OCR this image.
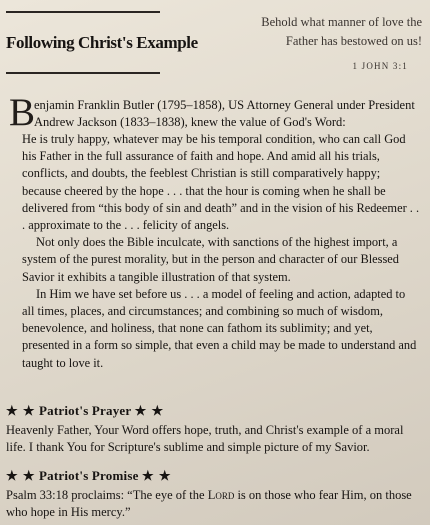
Following Christ's Example
Behold what manner of love the
Father has bestowed on us!
1 JOHN 3:1

B
enjamin Franklin Butler (1795–1858), US Attorney General under President
Andrew Jackson (1833–1838), knew the value of God's Word:

He is truly happy, whatever may be his temporal condition, who can call God his Father in the full assurance of faith and hope. And amid all his trials, conflicts, and doubts, the feeblest Christian is still comparatively happy; because cheered by the hope . . . that the hour is coming when he shall be delivered from “this body of sin and death” and in the vision of his Redeemer . . . approximate to the . . . felicity of angels.

Not only does the Bible inculcate, with sanctions of the highest import, a system of the purest morality, but in the person and character of our Blessed Savior it exhibits a tangible illustration of that system.

In Him we have set before us . . . a model of feeling and action, adapted to all times, places, and circumstances; and combining so much of wisdom, benevolence, and holiness, that none can fathom its sublimity; and yet, presented in a form so simple, that even a child may be made to understand and taught to love it.

★ ★ Patriot's Prayer ★ ★

Heavenly Father, Your Word offers hope, truth, and Christ's example of a moral life. I thank You for Scripture's sublime and simple picture of my Savior.

★ ★ Patriot's Promise ★ ★

Psalm 33:18 proclaims: “The eye of the Lord is on those who fear Him, on those who hope in His mercy.”
